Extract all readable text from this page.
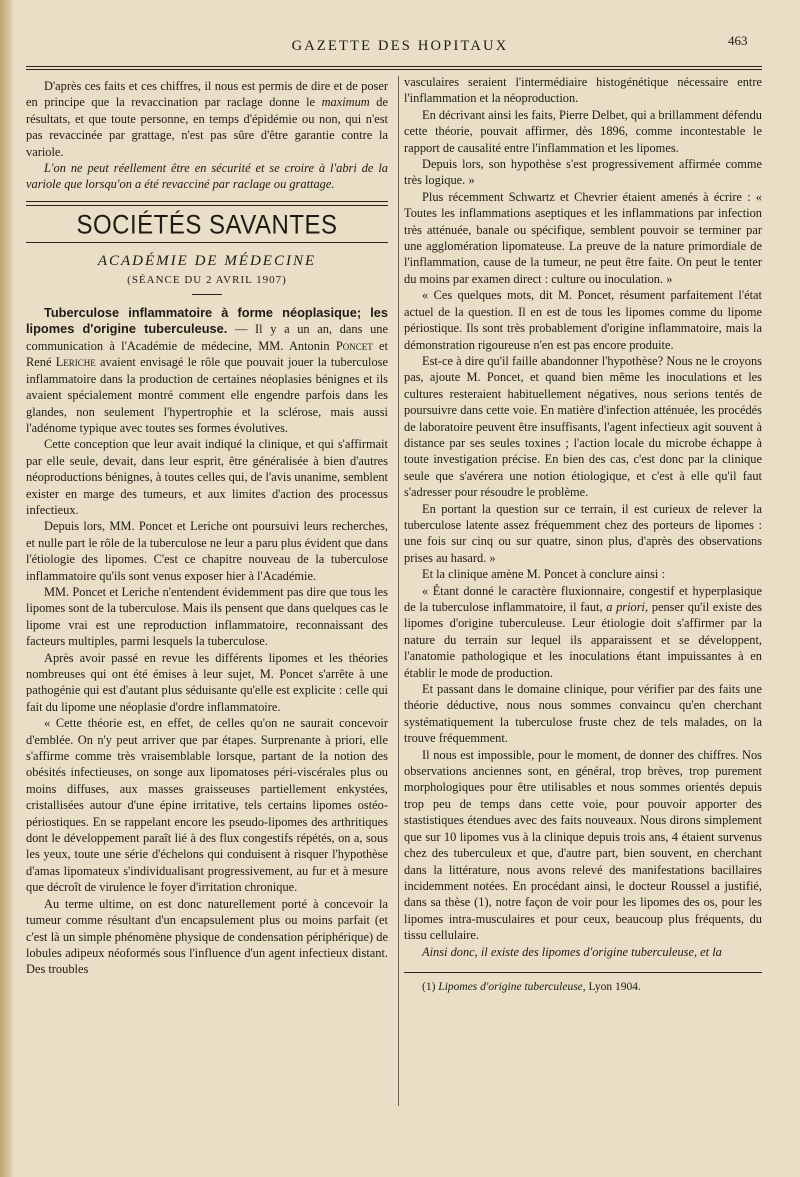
GAZETTE DES HOPITAUX	463

D'après ces faits et ces chiffres, il nous est permis de dire et de poser en principe que la revaccination par raclage donne le maximum de résultats, et que toute personne, en temps d'épidémie ou non, qui n'est pas revaccinée par grattage, n'est pas sûre d'être garantie contre la variole.

L'on ne peut réellement être en sécurité et se croire à l'abri de la variole que lorsqu'on a été revacciné par raclage ou grattage.

SOCIÉTÉS SAVANTES
ACADÉMIE DE MÉDECINE
(SÉANCE DU 2 AVRIL 1907)

Tuberculose inflammatoire à forme néoplasique; les lipomes d'origine tuberculeuse. — Il y a un an, dans une communication à l'Académie de médecine, MM. Antonin Poncet et René Leriche avaient envisagé le rôle que pouvait jouer la tuberculose inflammatoire dans la production de certaines néoplasies bénignes et ils avaient spécialement montré comment elle engendre parfois dans les glandes, non seulement l'hypertrophie et la sclérose, mais aussi l'adénome typique avec toutes ses formes évolutives.

Cette conception que leur avait indiqué la clinique, et qui s'affirmait par elle seule, devait, dans leur esprit, être généralisée à bien d'autres néoproductions bénignes, à toutes celles qui, de l'avis unanime, semblent exister en marge des tumeurs, et aux limites d'action des processus infectieux.

Depuis lors, MM. Poncet et Leriche ont poursuivi leurs recherches, et nulle part le rôle de la tuberculose ne leur a paru plus évident que dans l'étiologie des lipomes. C'est ce chapitre nouveau de la tuberculose inflammatoire qu'ils sont venus exposer hier à l'Académie.

MM. Poncet et Leriche n'entendent évidemment pas dire que tous les lipomes sont de la tuberculose. Mais ils pensent que dans quelques cas le lipome vrai est une reproduction inflammatoire, reconnaissant des facteurs multiples, parmi lesquels la tuberculose.

Après avoir passé en revue les différents lipomes et les théories nombreuses qui ont été émises à leur sujet, M. Poncet s'arrête à une pathogénie qui est d'autant plus séduisante qu'elle est explicite : celle qui fait du lipome une néoplasie d'ordre inflammatoire.

« Cette théorie est, en effet, de celles qu'on ne saurait concevoir d'emblée. On n'y peut arriver que par étapes. Surprenante à priori, elle s'affirme comme très vraisemblable lorsque, partant de la notion des obésités infectieuses, on songe aux lipomatoses péri-viscérales plus ou moins diffuses, aux masses graisseuses partiellement enkystées, cristallisées autour d'une épine irritative, tels certains lipomes ostéo-périostiques. En se rappelant encore les pseudo-lipomes des arthritiques dont le développement paraît lié à des flux congestifs répétés, on a, sous les yeux, toute une série d'échelons qui conduisent à risquer l'hypothèse d'amas lipomateux s'individualisant progressivement, au fur et à mesure que décroît de virulence le foyer d'irritation chronique.

Au terme ultime, on est donc naturellement porté à concevoir la tumeur comme résultant d'un encapsulement plus ou moins parfait (et c'est là un simple phénomène physique de condensation périphérique) de lobules adipeux néoformés sous l'influence d'un agent infectieux distant. Des troubles

vasculaires seraient l'intermédiaire histogénétique nécessaire entre l'inflammation et la néoproduction.

En décrivant ainsi les faits, Pierre Delbet, qui a brillamment défendu cette théorie, pouvait affirmer, dès 1896, comme incontestable le rapport de causalité entre l'inflammation et les lipomes.

Depuis lors, son hypothèse s'est progressivement affirmée comme très logique. »

Plus récemment Schwartz et Chevrier étaient amenés à écrire : « Toutes les inflammations aseptiques et les inflammations par infection très atténuée, banale ou spécifique, semblent pouvoir se terminer par une agglomération lipomateuse. La preuve de la nature primordiale de l'inflammation, cause de la tumeur, ne peut être faite. On peut le tenter du moins par examen direct : culture ou inoculation. »

« Ces quelques mots, dit M. Poncet, résument parfaitement l'état actuel de la question. Il en est de tous les lipomes comme du lipome périostique. Ils sont très probablement d'origine inflammatoire, mais la démonstration rigoureuse n'en est pas encore produite.

Est-ce à dire qu'il faille abandonner l'hypothèse? Nous ne le croyons pas, ajoute M. Poncet, et quand bien même les inoculations et les cultures resteraient habituellement négatives, nous serions tentés de poursuivre dans cette voie. En matière d'infection atténuée, les procédés de laboratoire peuvent être insuffisants, l'agent infectieux agit souvent à distance par ses seules toxines ; l'action locale du microbe échappe à toute investigation précise. En bien des cas, c'est donc par la clinique seule que s'avérera une notion étiologique, et c'est à elle qu'il faut s'adresser pour résoudre le problème.

En portant la question sur ce terrain, il est curieux de relever la tuberculose latente assez fréquemment chez des porteurs de lipomes : une fois sur cinq ou sur quatre, sinon plus, d'après des observations prises au hasard. »

Et la clinique amène M. Poncet à conclure ainsi :

« Étant donné le caractère fluxionnaire, congestif et hyperplasique de la tuberculose inflammatoire, il faut, a priori, penser qu'il existe des lipomes d'origine tuberculeuse. Leur étiologie doit s'affirmer par la nature du terrain sur lequel ils apparaissent et se développent, l'anatomie pathologique et les inoculations étant impuissantes à en établir le mode de production.

Et passant dans le domaine clinique, pour vérifier par des faits une théorie déductive, nous nous sommes convaincu qu'en cherchant systématiquement la tuberculose fruste chez de tels malades, on la trouve fréquemment.

Il nous est impossible, pour le moment, de donner des chiffres. Nos observations anciennes sont, en général, trop brèves, trop purement morphologiques pour être utilisables et nous sommes orientés depuis trop peu de temps dans cette voie, pour pouvoir apporter des stastistiques étendues avec des faits nouveaux. Nous dirons simplement que sur 10 lipomes vus à la clinique depuis trois ans, 4 étaient survenus chez des tuberculeux et que, d'autre part, bien souvent, en cherchant dans la littérature, nous avons relevé des manifestations bacillaires incidemment notées. En procédant ainsi, le docteur Roussel a justifié, dans sa thèse (1), notre façon de voir pour les lipomes des os, pour les lipomes intra-musculaires et pour ceux, beaucoup plus fréquents, du tissu cellulaire.

Ainsi donc, il existe des lipomes d'origine tuberculeuse, et la

(1) Lipomes d'origine tuberculeuse, Lyon 1904.
